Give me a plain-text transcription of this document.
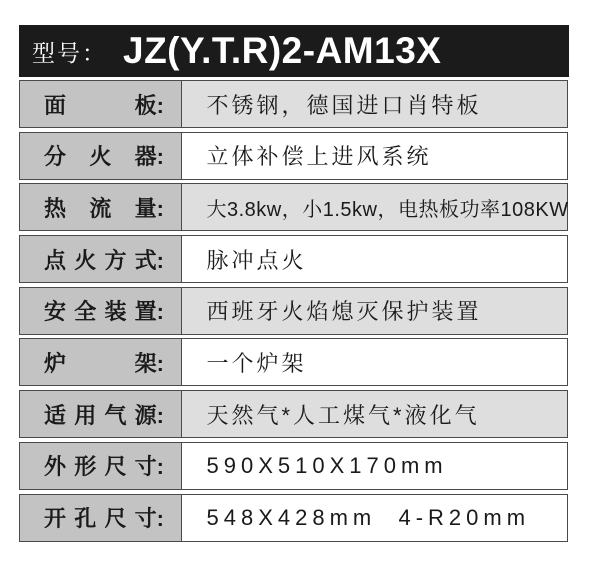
型号： JZ(Y.T.R)2-AM13X
面	板: 不锈钢，德国进口肖特板
分 火 器: 立体补偿上进风系统
热 流 量: 大3.8kw，小1.5kw，电热板功率108KW
点 火 方 式: 脉冲点火
安 全 装 置: 西班牙火焰熄灭保护装置
炉	架: 一个炉架
适 用 气 源: 天然气*人工煤气*液化气
外 形 尺 寸: 590X510X170mm
开 孔 尺 寸: 548X428mm  4-R20mm
